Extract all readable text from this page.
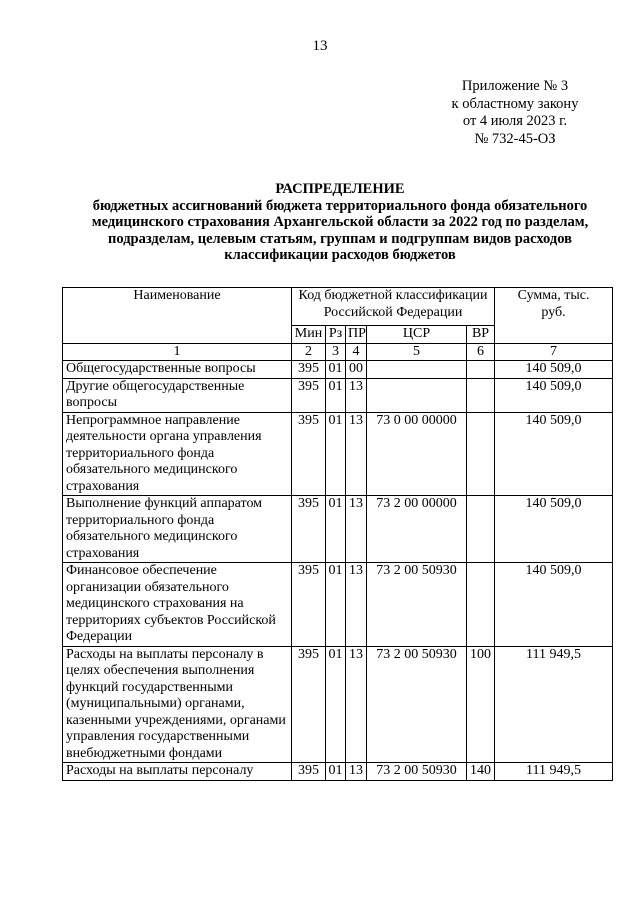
13
Приложение № 3
к областному закону
от 4 июля 2023 г.
№ 732-45-ОЗ
РАСПРЕДЕЛЕНИЕ
бюджетных ассигнований бюджета территориального фонда обязательного
медицинского страхования Архангельской области за 2022 год по разделам,
подразделам, целевым статьям, группам и подгруппам видов расходов
классификации расходов бюджетов
Наименование	Код бюджетной классификации Российской Федерации					Сумма, тыс. руб.
	Мин	Рз	ПР	ЦСР	ВР	
1	2	3	4	5	6	7
Общегосударственные вопросы	395	01	00			140 509,0
Другие общегосударственные вопросы	395	01	13			140 509,0
Непрограммное направление деятельности органа управления территориального фонда обязательного медицинского страхования	395	01	13	73 0 00 00000		140 509,0
Выполнение функций аппаратом территориального фонда обязательного медицинского страхования	395	01	13	73 2 00 00000		140 509,0
Финансовое обеспечение организации обязательного медицинского страхования на территориях субъектов Российской Федерации	395	01	13	73 2 00 50930		140 509,0
Расходы на выплаты персоналу в целях обеспечения выполнения функций государственными (муниципальными) органами, казенными учреждениями, органами управления государственными внебюджетными фондами	395	01	13	73 2 00 50930	100	111 949,5
Расходы на выплаты персоналу	395	01	13	73 2 00 50930	140	111 949,5
